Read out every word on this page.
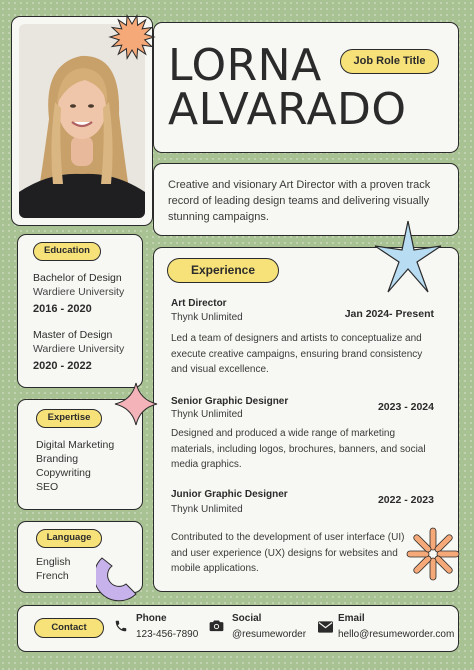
LORNA
ALVARADO
Job Role Title
Creative and visionary Art Director with a proven track record of leading design teams and delivering visually stunning campaigns.
Education
Bachelor of Design
Wardiere University
2016 - 2020
Master of Design
Wardiere University
2020 - 2022
Expertise
Digital Marketing
Branding
Copywriting
SEO
Language
English
French
Experience
Art Director
Thynk Unlimited	Jan 2024- Present
Led a team of designers and artists to conceptualize and execute creative campaigns, ensuring brand consistency and visual excellence.
Senior Graphic Designer
Thynk Unlimited
2023 - 2024
Designed and produced a wide range of marketing materials, including logos, brochures, banners, and social media graphics.
Junior Graphic Designer
Thynk Unlimited
2022 - 2023
Contributed to the development of user interface (UI) and user experience (UX) designs for websites and mobile applications.
Contact
Phone
123-456-7890
Social
@resumeworder
Email
hello@resumeworder.com
